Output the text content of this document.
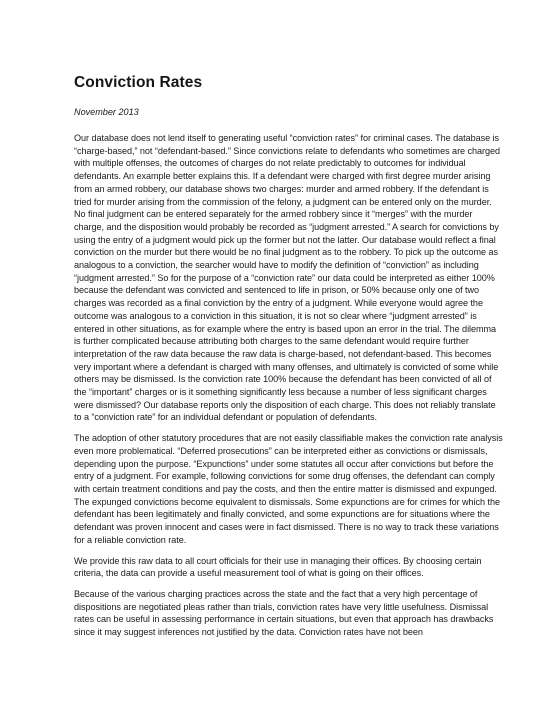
Conviction Rates

November 2013

Our database does not lend itself to generating useful “conviction rates” for criminal cases. The database is “charge-based,” not “defendant-based.” Since convictions relate to defendants who sometimes are charged with multiple offenses, the outcomes of charges do not relate predictably to outcomes for individual defendants. An example better explains this. If a defendant were charged with first degree murder arising from an armed robbery, our database shows two charges: murder and armed robbery. If the defendant is tried for murder arising from the commission of the felony, a judgment can be entered only on the murder. No final judgment can be entered separately for the armed robbery since it “merges” with the murder charge, and the disposition would probably be recorded as “judgment arrested.” A search for convictions by using the entry of a judgment would pick up the former but not the latter. Our database would reflect a final conviction on the murder but there would be no final judgment as to the robbery. To pick up the outcome as analogous to a conviction, the searcher would have to modify the definition of “conviction” as including “judgment arrested.” So for the purpose of a “conviction rate” our data could be interpreted as either 100% because the defendant was convicted and sentenced to life in prison, or 50% because only one of two charges was recorded as a final conviction by the entry of a judgment. While everyone would agree the outcome was analogous to a conviction in this situation, it is not so clear where “judgment arrested” is entered in other situations, as for example where the entry is based upon an error in the trial. The dilemma is further complicated because attributing both charges to the same defendant would require further interpretation of the raw data because the raw data is charge-based, not defendant-based. This becomes very important where a defendant is charged with many offenses, and ultimately is convicted of some while others may be dismissed. Is the conviction rate 100% because the defendant has been convicted of all of the “important” charges or is it something significantly less because a number of less significant charges were dismissed? Our database reports only the disposition of each charge. This does not reliably translate to a “conviction rate” for an individual defendant or population of defendants.

The adoption of other statutory procedures that are not easily classifiable makes the conviction rate analysis even more problematical. “Deferred prosecutions” can be interpreted either as convictions or dismissals, depending upon the purpose. “Expunctions” under some statutes all occur after convictions but before the entry of a judgment. For example, following convictions for some drug offenses, the defendant can comply with certain treatment conditions and pay the costs, and then the entire matter is dismissed and expunged. The expunged convictions become equivalent to dismissals. Some expunctions are for crimes for which the defendant has been legitimately and finally convicted, and some expunctions are for situations where the defendant was proven innocent and cases were in fact dismissed. There is no way to track these variations for a reliable conviction rate.

We provide this raw data to all court officials for their use in managing their offices. By choosing certain criteria, the data can provide a useful measurement tool of what is going on their offices.

Because of the various charging practices across the state and the fact that a very high percentage of dispositions are negotiated pleas rather than trials, conviction rates have very little usefulness. Dismissal rates can be useful in assessing performance in certain situations, but even that approach has drawbacks since it may suggest inferences not justified by the data. Conviction rates have not been
